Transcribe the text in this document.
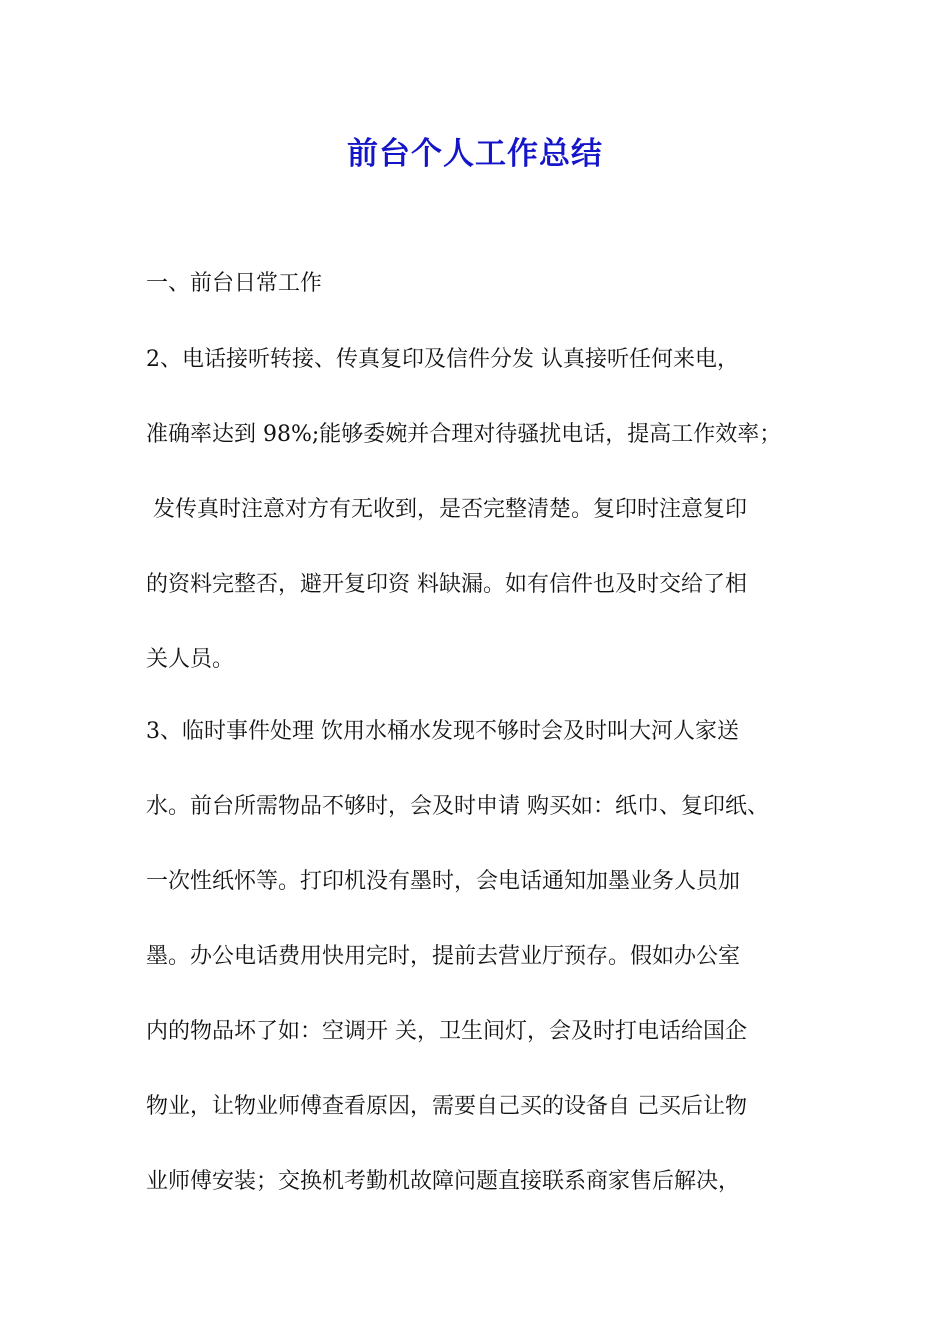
前台个人工作总结

一、前台日常工作

2、电话接听转接、传真复印及信件分发 认真接听任何来电，

准确率达到 98%;能够委婉并合理对待骚扰电话，提高工作效率；

发传真时注意对方有无收到，是否完整清楚。复印时注意复印

的资料完整否，避开复印资 料缺漏。如有信件也及时交给了相

关人员。

3、临时事件处理 饮用水桶水发现不够时会及时叫大河人家送

水。前台所需物品不够时，会及时申请 购买如：纸巾、复印纸、

一次性纸怀等。打印机没有墨时，会电话通知加墨业务人员加

墨。办公电话费用快用完时，提前去营业厅预存。假如办公室

内的物品坏了如：空调开 关，卫生间灯，会及时打电话给国企

物业，让物业师傅查看原因，需要自己买的设备自 己买后让物

业师傅安装；交换机考勤机故障问题直接联系商家售后解决，
